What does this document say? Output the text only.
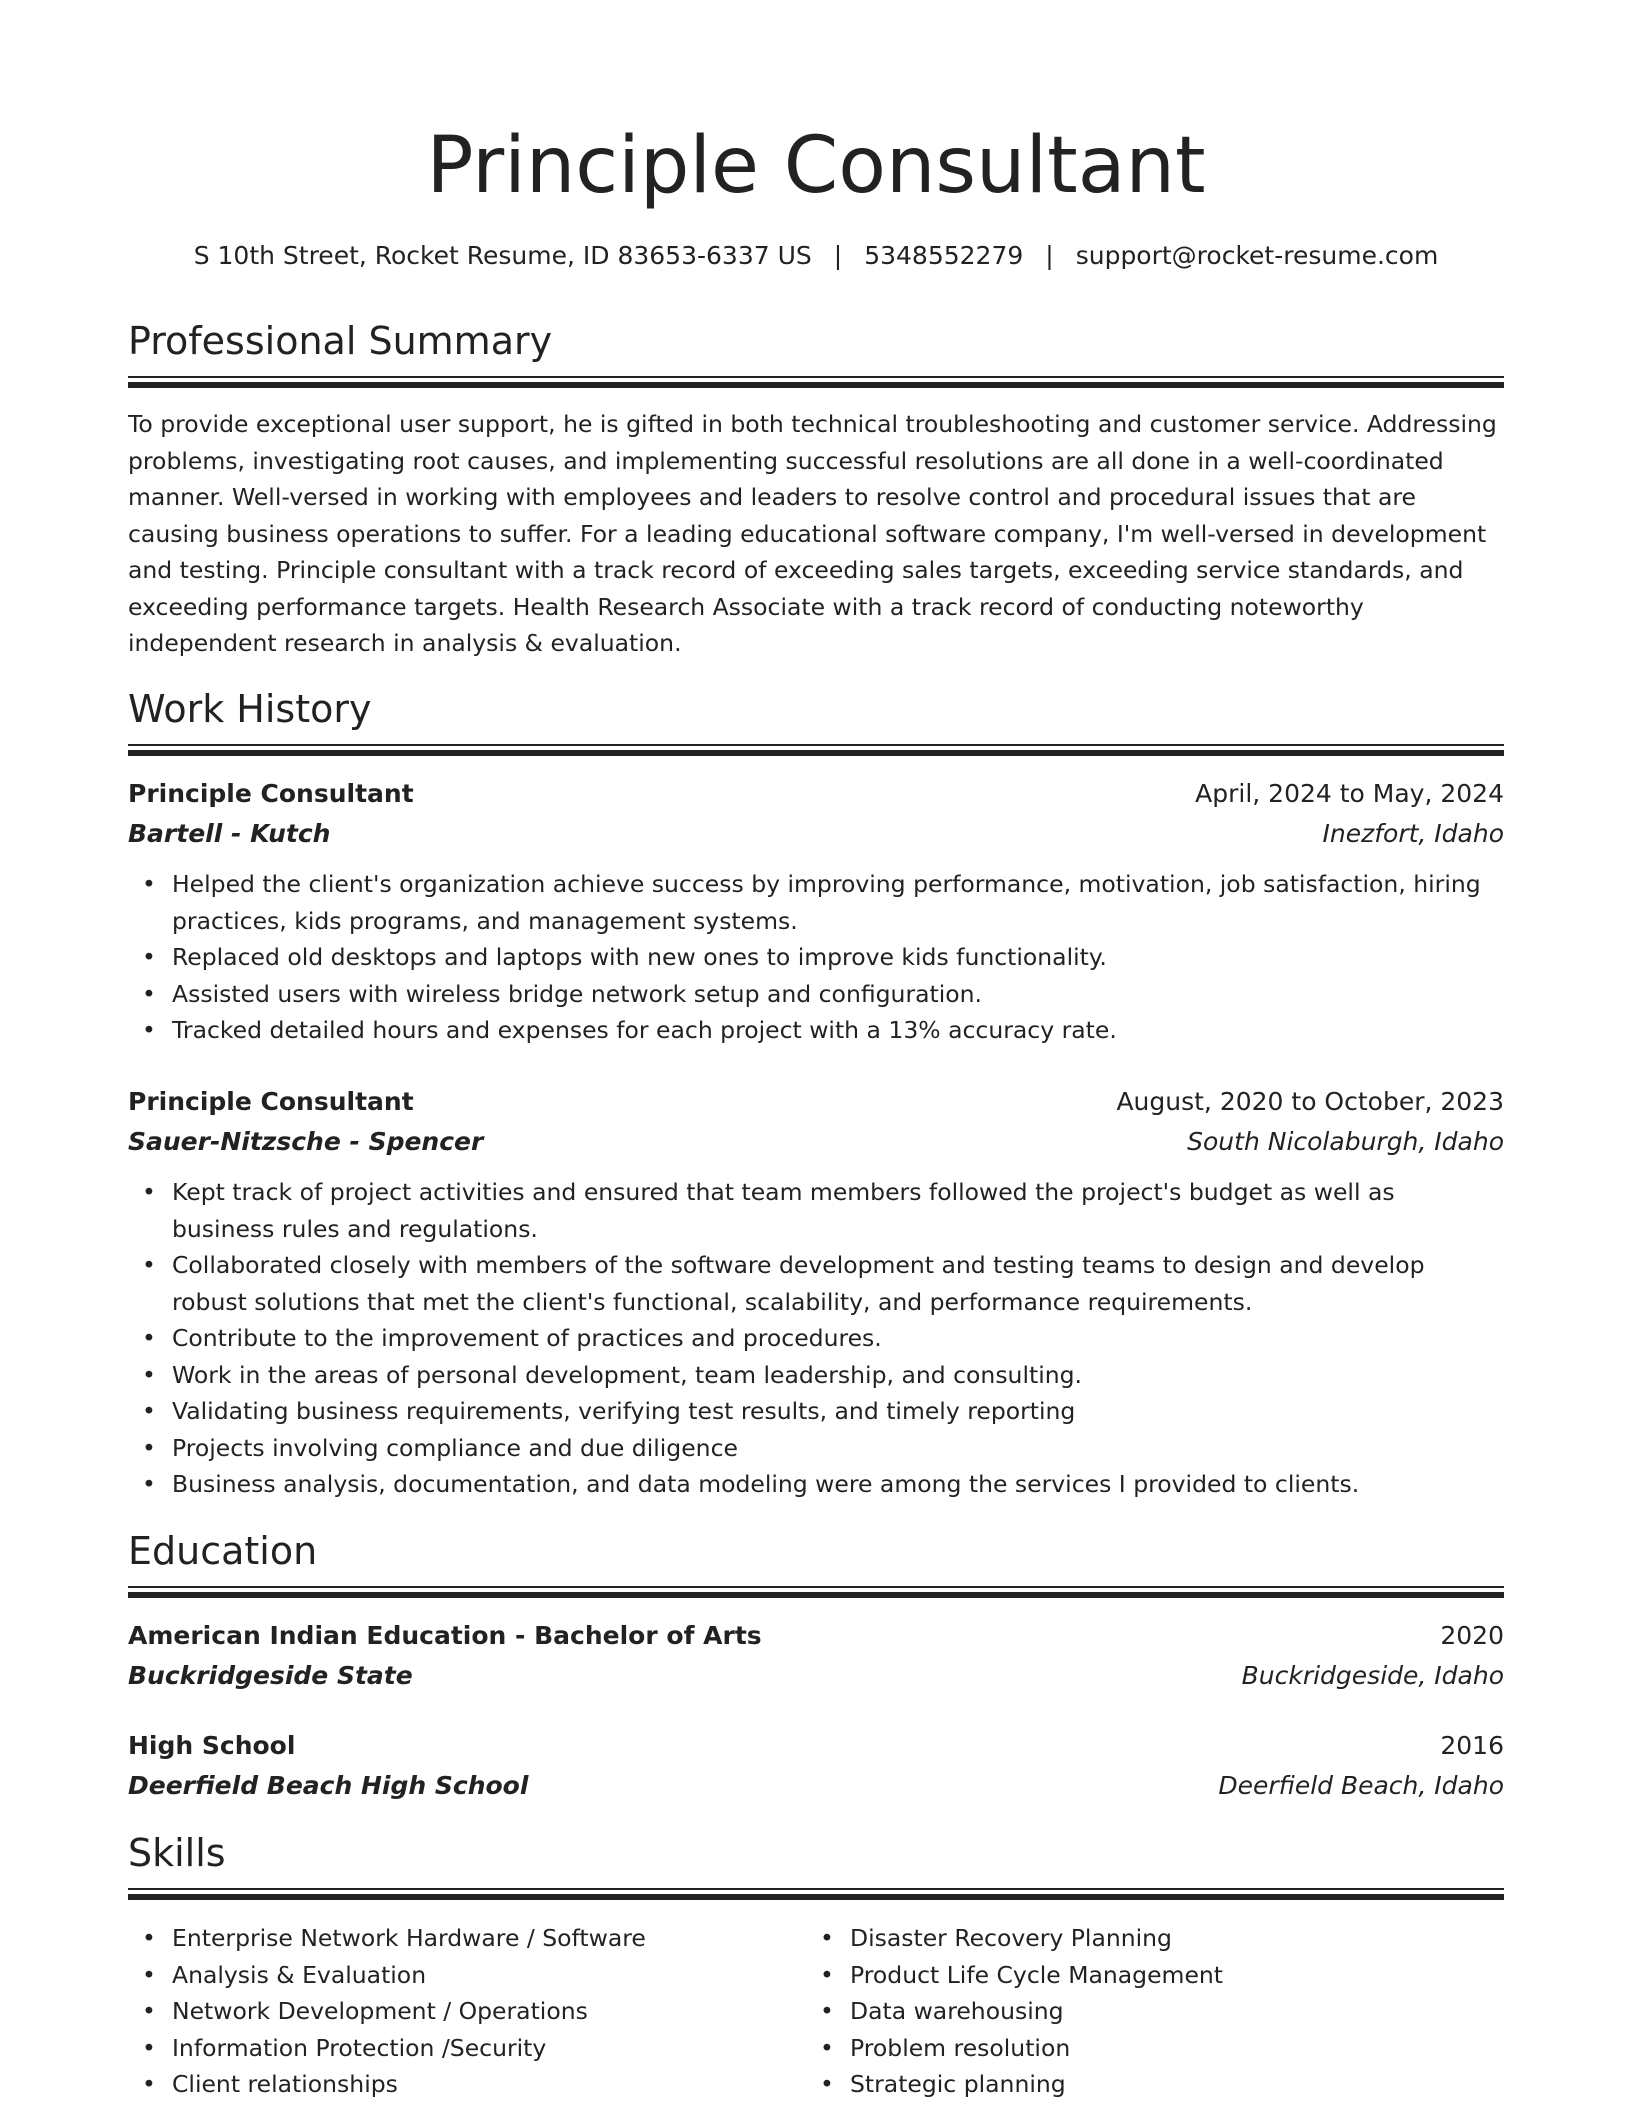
Principle Consultant
S 10th Street, Rocket Resume, ID 83653-6337 US | 5348552279 | support@rocket-resume.com
Professional Summary
To provide exceptional user support, he is gifted in both technical troubleshooting and customer service. Addressing problems, investigating root causes, and implementing successful resolutions are all done in a well-coordinated manner. Well-versed in working with employees and leaders to resolve control and procedural issues that are causing business operations to suffer. For a leading educational software company, I'm well-versed in development and testing. Principle consultant with a track record of exceeding sales targets, exceeding service standards, and exceeding performance targets. Health Research Associate with a track record of conducting noteworthy independent research in analysis & evaluation.
Work History
Principle Consultant	April, 2024 to May, 2024
Bartell - Kutch	Inezfort, Idaho
• Helped the client's organization achieve success by improving performance, motivation, job satisfaction, hiring practices, kids programs, and management systems.
• Replaced old desktops and laptops with new ones to improve kids functionality.
• Assisted users with wireless bridge network setup and configuration.
• Tracked detailed hours and expenses for each project with a 13% accuracy rate.
Principle Consultant	August, 2020 to October, 2023
Sauer-Nitzsche - Spencer	South Nicolaburgh, Idaho
• Kept track of project activities and ensured that team members followed the project's budget as well as business rules and regulations.
• Collaborated closely with members of the software development and testing teams to design and develop robust solutions that met the client's functional, scalability, and performance requirements.
• Contribute to the improvement of practices and procedures.
• Work in the areas of personal development, team leadership, and consulting.
• Validating business requirements, verifying test results, and timely reporting
• Projects involving compliance and due diligence
• Business analysis, documentation, and data modeling were among the services I provided to clients.
Education
American Indian Education - Bachelor of Arts	2020
Buckridgeside State	Buckridgeside, Idaho
High School	2016
Deerfield Beach High School	Deerfield Beach, Idaho
Skills
• Enterprise Network Hardware / Software
• Analysis & Evaluation
• Network Development / Operations
• Information Protection /Security
• Client relationships
• Disaster Recovery Planning
• Product Life Cycle Management
• Data warehousing
• Problem resolution
• Strategic planning
